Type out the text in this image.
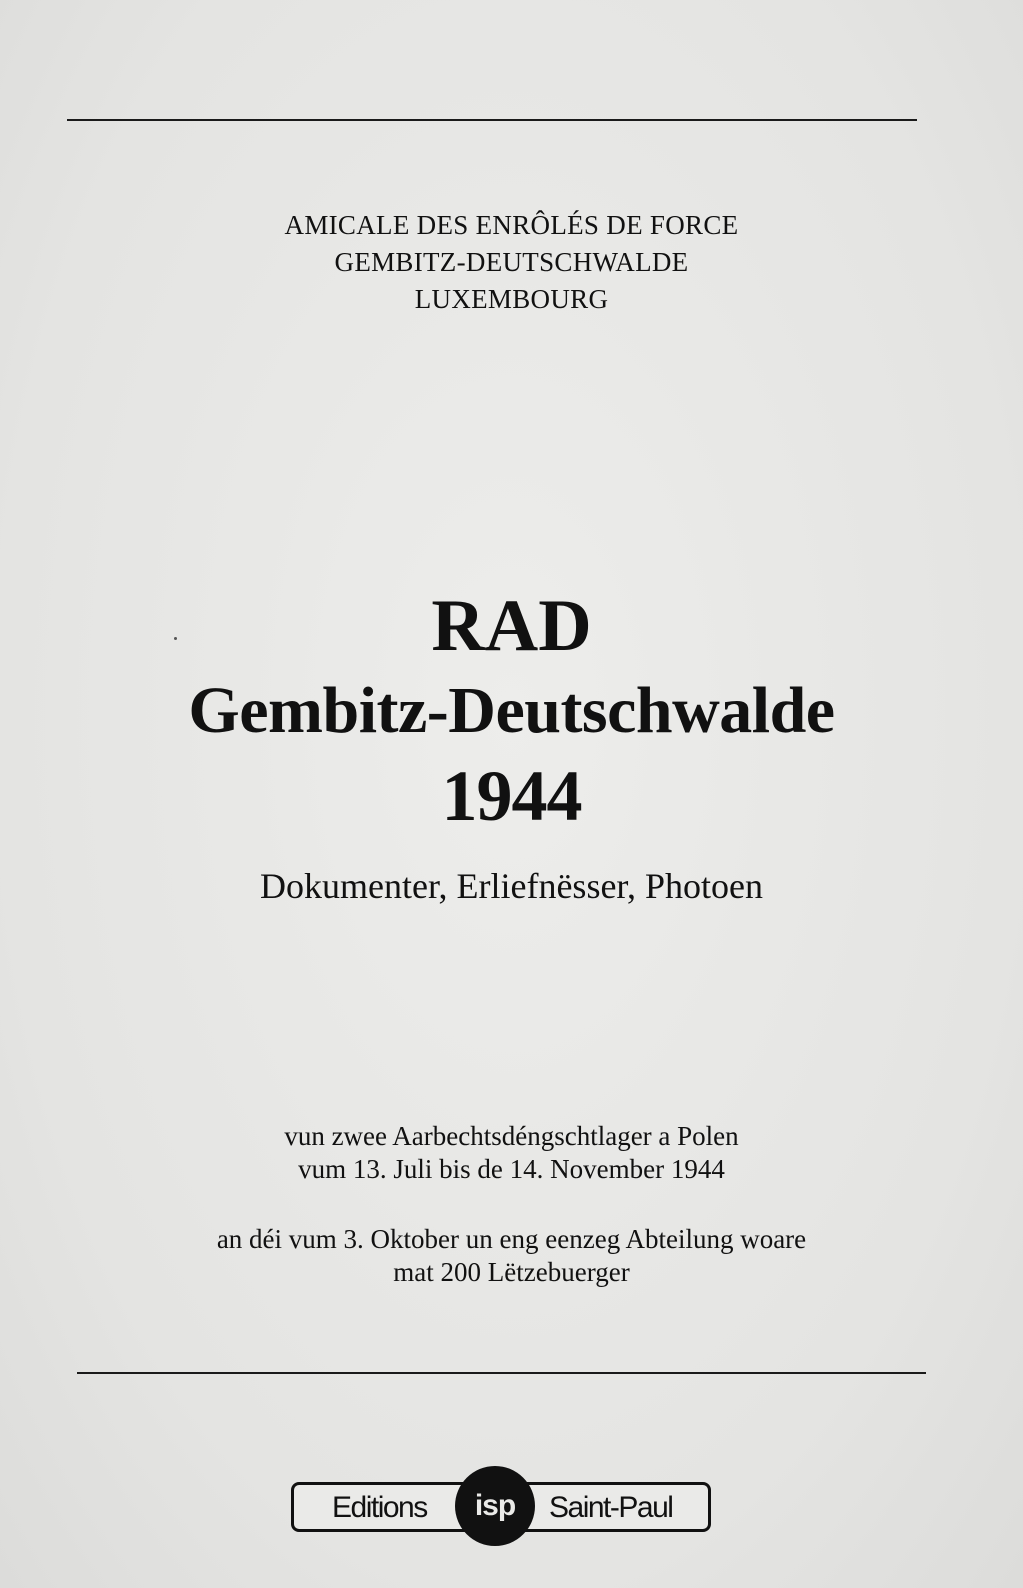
AMICALE DES ENRÔLÉS DE FORCE
GEMBITZ-DEUTSCHWALDE
LUXEMBOURG
RAD
Gembitz-Deutschwalde
1944
Dokumenter, Erliefnësser, Photoen
vun zwee Aarbechtsdéngschtlager a Polen
vum 13. Juli bis de 14. November 1944
an déi vum 3. Oktober un eng eenzeg Abteilung woare
mat 200 Lëtzebuerger
Editions	isp	Saint-Paul
